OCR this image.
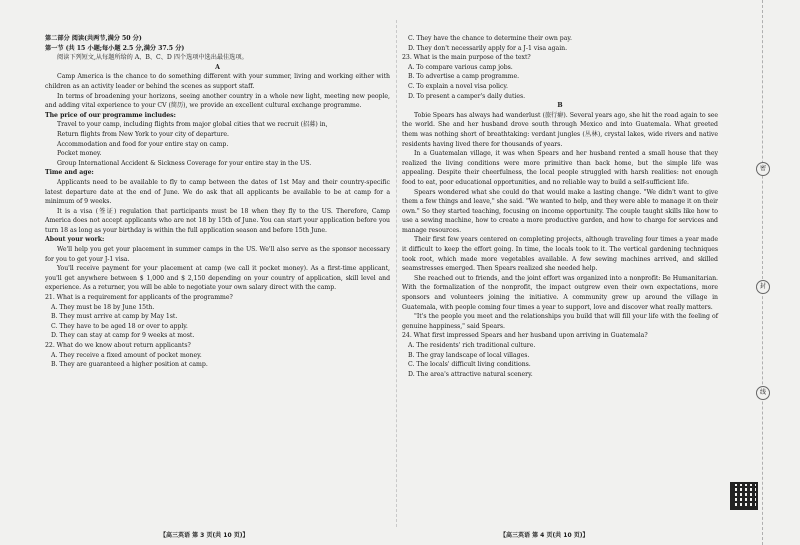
密
封
线

第二部分 阅读(共两节,满分 50 分)

第一节 (共 15 小题;每小题 2.5 分,满分 37.5 分)

阅读下列短文,从每题所给的 A、B、C、D 四个选项中选出最佳选项。

A

Camp America is the chance to do something different with your summer, living and working either with children as an activity leader or behind the scenes as support staff.

In terms of broadening your horizons, seeing another country in a whole new light, meeting new people, and adding vital experience to your CV (简历), we provide an excellent cultural exchange programme.

The price of our programme includes:

Travel to your camp, including flights from major global cities that we recruit (招募) in,

Return flights from New York to your city of departure.

Accommodation and food for your entire stay on camp.

Pocket money.

Group International Accident & Sickness Coverage for your entire stay in the US.

Time and age:

Applicants need to be available to fly to camp between the dates of 1st May and their country-specific latest departure date at the end of June. We do ask that all applicants be available to be at camp for a minimum of 9 weeks.

It is a visa (签证) regulation that participants must be 18 when they fly to the US. Therefore, Camp America does not accept applicants who are not 18 by 15th of June. You can start your application before you turn 18 as long as your birthday is within the full application season and before 15th June.

About your work:

We'll help you get your placement in summer camps in the US. We'll also serve as the sponsor necessary for you to get your J-1 visa.

You'll receive payment for your placement at camp (we call it pocket money). As a first-time applicant, you'll get anywhere between $ 1,000 and $ 2,150 depending on your country of application, skill level and experience. As a returner, you will be able to negotiate your own salary direct with the camp.

21. What is a requirement for applicants of the programme?

A. They must be 18 by June 15th.

B. They must arrive at camp by May 1st.

C. They have to be aged 18 or over to apply.

D. They can stay at camp for 9 weeks at most.

22. What do we know about return applicants?

A. They receive a fixed amount of pocket money.

B. They are guaranteed a higher position at camp.

【高三英语 第 3 页(共 10 页)】

C. They have the chance to determine their own pay.

D. They don't necessarily apply for a J-1 visa again.

23. What is the main purpose of the text?

A. To compare various camp jobs.

B. To advertise a camp programme.

C. To explain a novel visa policy.

D. To present a camper's daily duties.

B

Tobie Spears has always had wanderlust (旅行癖). Several years ago, she hit the road again to see the world. She and her husband drove south through Mexico and into Guatemala. What greeted them was nothing short of breathtaking: verdant jungles (丛林), crystal lakes, wide rivers and native residents having lived there for thousands of years.

In a Guatemalan village, it was when Spears and her husband rented a small house that they realized the living conditions were more primitive than back home, but the simple life was appealing. Despite their cheerfulness, the local people struggled with harsh realities: not enough food to eat, poor educational opportunities, and no reliable way to build a self-sufficient life.

Spears wondered what she could do that would make a lasting change. "We didn't want to give them a few things and leave," she said. "We wanted to help, and they were able to manage it on their own." So they started teaching, focusing on income opportunity. The couple taught skills like how to use a sewing machine, how to create a more productive garden, and how to charge for services and manage resources.

Their first few years centered on completing projects, although traveling four times a year made it difficult to keep the effort going. In time, the locals took to it. The vertical gardening techniques took root, which made more vegetables available. A few sewing machines arrived, and skilled seamstresses emerged. Then Spears realized she needed help.

She reached out to friends, and the joint effort was organized into a nonprofit: Be Humanitarian. With the formalization of the nonprofit, the impact outgrew even their own expectations, more sponsors and volunteers joining the initiative. A community grew up around the village in Guatemala, with people coming four times a year to support, love and discover what really matters.

"It's the people you meet and the relationships you build that will fill your life with the feeling of genuine happiness," said Spears.

24. What first impressed Spears and her husband upon arriving in Guatemala?

A. The residents' rich traditional culture.

B. The gray landscape of local villages.

C. The locals' difficult living conditions.

D. The area's attractive natural scenery.

【高三英语 第 4 页(共 10 页)】
